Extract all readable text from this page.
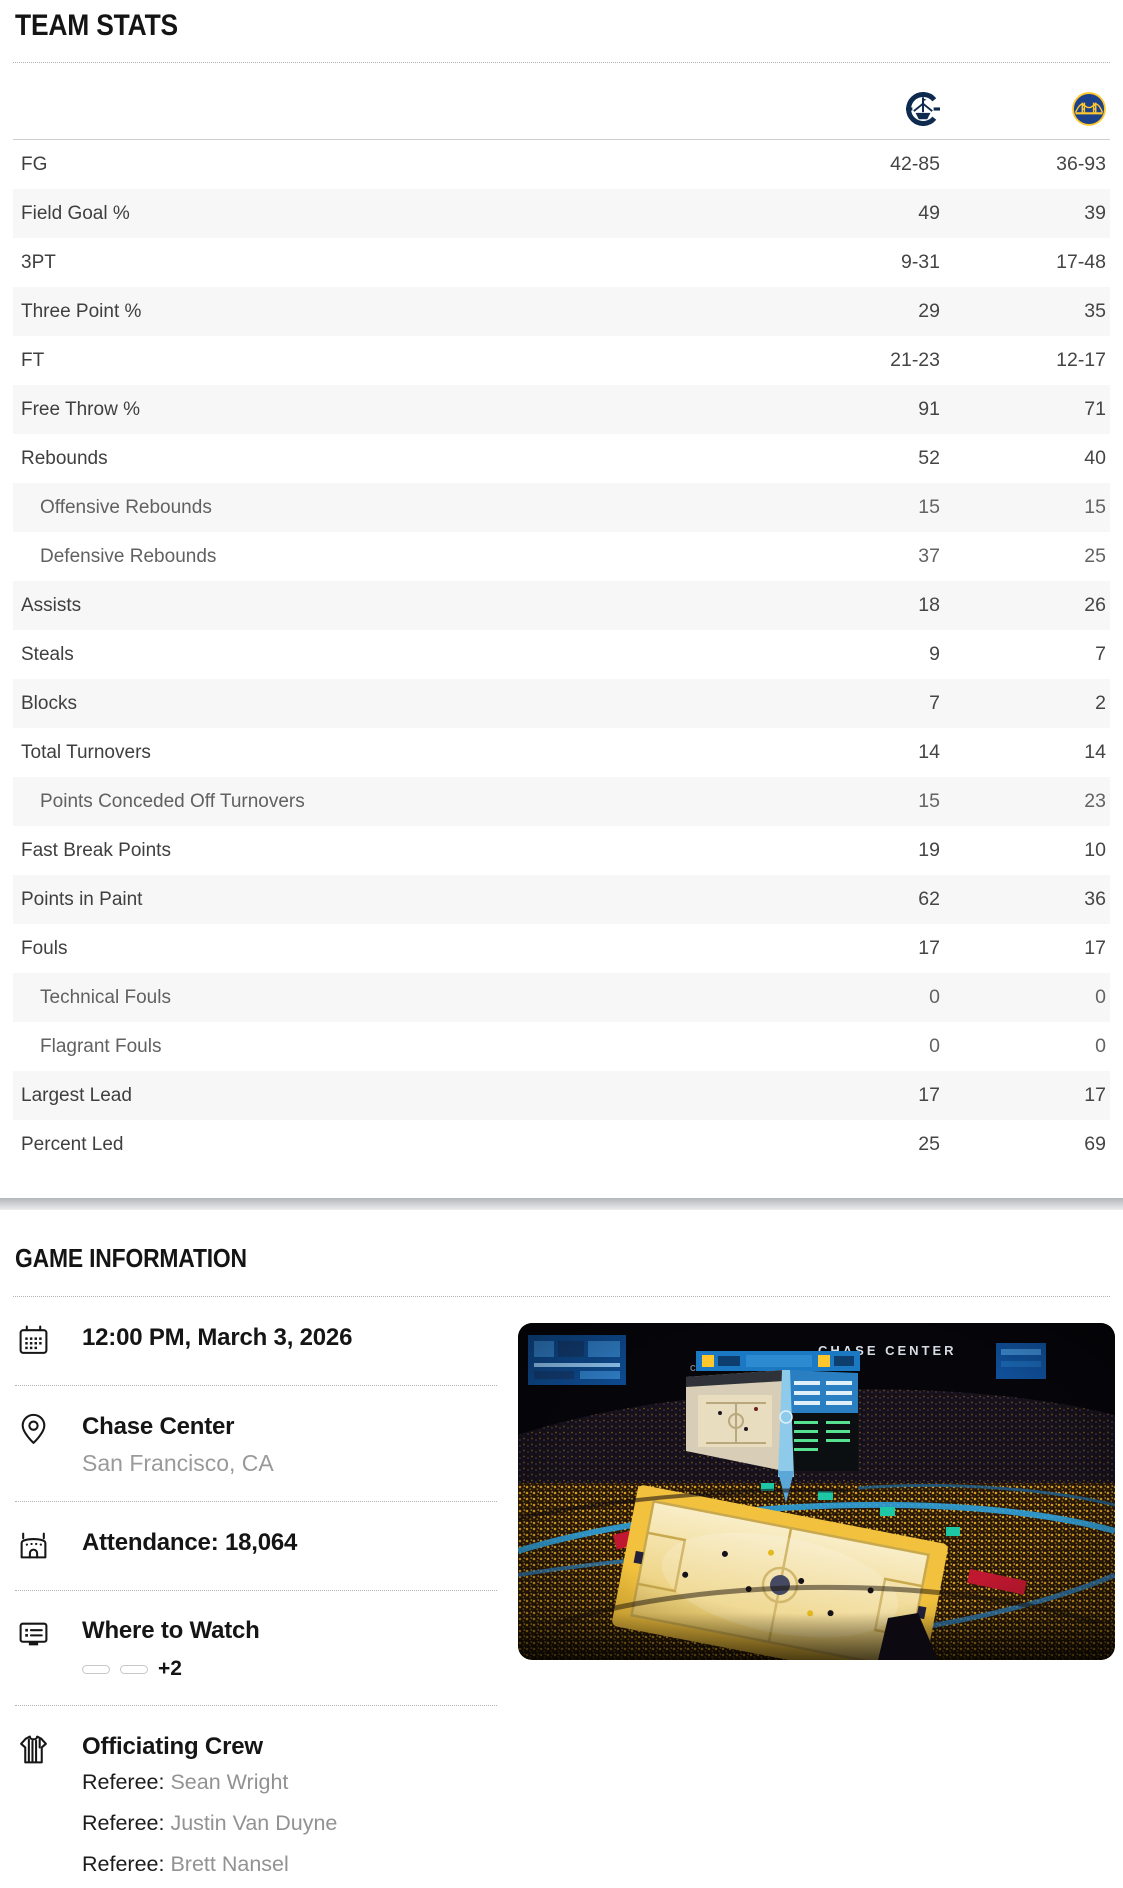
TEAM STATS
FG	42-85	36-93
Field Goal %	49	39
3PT	9-31	17-48
Three Point %	29	35
FT	21-23	12-17
Free Throw %	91	71
Rebounds	52	40
Offensive Rebounds	15	15
Defensive Rebounds	37	25
Assists	18	26
Steals	9	7
Blocks	7	2
Total Turnovers	14	14
Points Conceded Off Turnovers	15	23
Fast Break Points	19	10
Points in Paint	62	36
Fouls	17	17
Technical Fouls	0	0
Flagrant Fouls	0	0
Largest Lead	17	17
Percent Led	25	69
GAME INFORMATION
12:00 PM, March 3, 2026
Chase Center
San Francisco, CA
Attendance: 18,064
Where to Watch
+2
Officiating Crew
Referee: Sean Wright
Referee: Justin Van Duyne
Referee: Brett Nansel
